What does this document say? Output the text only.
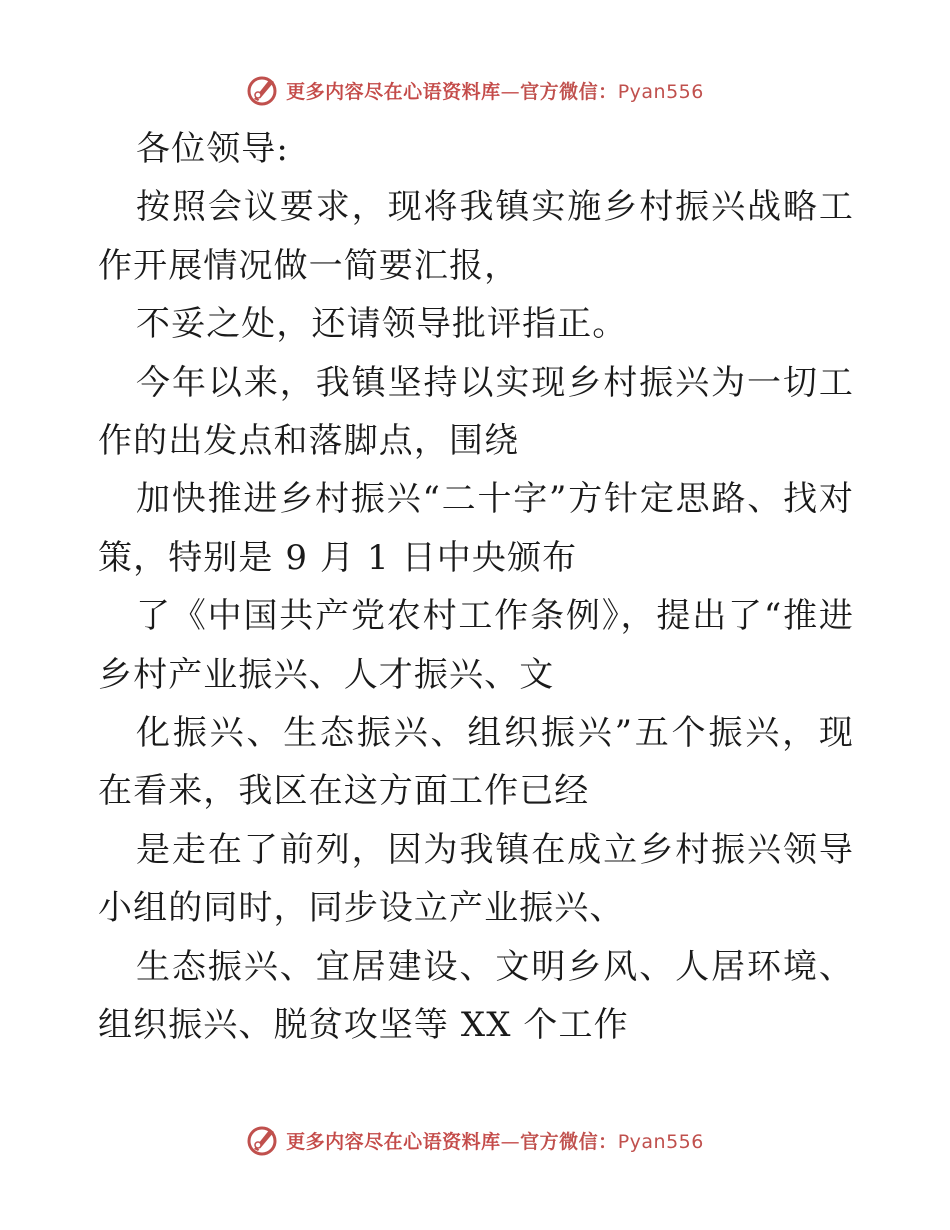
更多内容尽在心语资料库—官方微信：Pyan556

各位领导:

按照会议要求，现将我镇实施乡村振兴战略工作开展情况做一简要汇报，

不妥之处，还请领导批评指正。

今年以来，我镇坚持以实现乡村振兴为一切工作的出发点和落脚点，围绕

加快推进乡村振兴“二十字”方针定思路、找对策，特别是 9 月 1 日中央颁布

了《中国共产党农村工作条例》，提出了“推进乡村产业振兴、人才振兴、文

化振兴、生态振兴、组织振兴”五个振兴，现在看来，我区在这方面工作已经

是走在了前列，因为我镇在成立乡村振兴领导小组的同时，同步设立产业振兴、

生态振兴、宜居建设、文明乡风、人居环境、组织振兴、脱贫攻坚等 XX 个工作

更多内容尽在心语资料库—官方微信：Pyan556
